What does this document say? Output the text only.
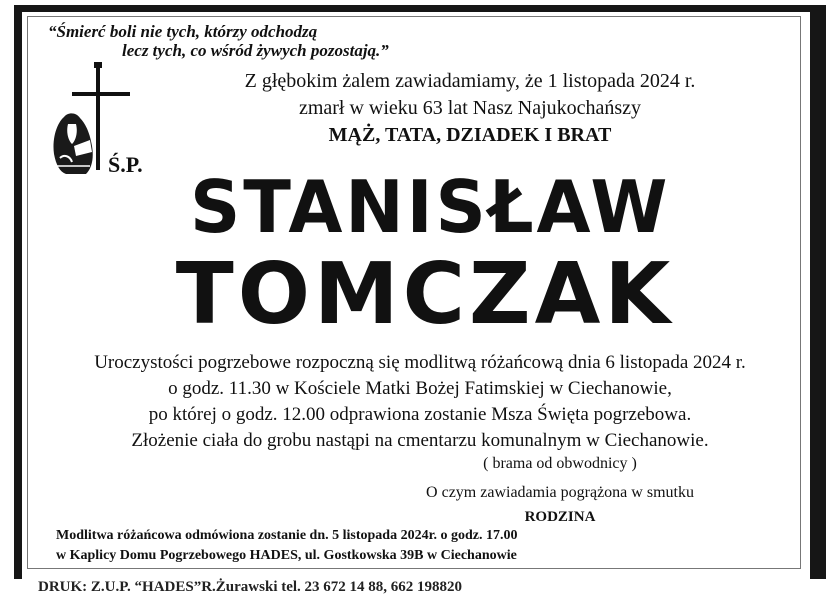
“Śmierć boli nie tych, którzy odchodzą
lecz tych, co wśród żywych pozostają.”
Z głębokim żalem zawiadamiamy, że 1 listopada 2024 r.
zmarł w wieku 63 lat Nasz Najukochańszy
MĄŻ, TATA, DZIADEK I BRAT
Ś.P.
STANISŁAW
TOMCZAK
Uroczystości pogrzebowe rozpoczną się modlitwą różańcową dnia 6 listopada 2024 r.
o godz. 11.30 w Kościele Matki Bożej Fatimskiej w Ciechanowie,
po której o godz. 12.00 odprawiona zostanie Msza Święta pogrzebowa.
Złożenie ciała do grobu nastąpi na cmentarzu komunalnym w Ciechanowie.
( brama od obwodnicy )
O czym zawiadamia pogrążona w smutku
RODZINA
Modlitwa różańcowa odmówiona zostanie dn. 5 listopada 2024r. o godz. 17.00
w Kaplicy Domu Pogrzebowego HADES, ul. Gostkowska 39B w Ciechanowie
DRUK: Z.U.P. “HADES”R.Żurawski tel. 23 672 14 88, 662 198820
